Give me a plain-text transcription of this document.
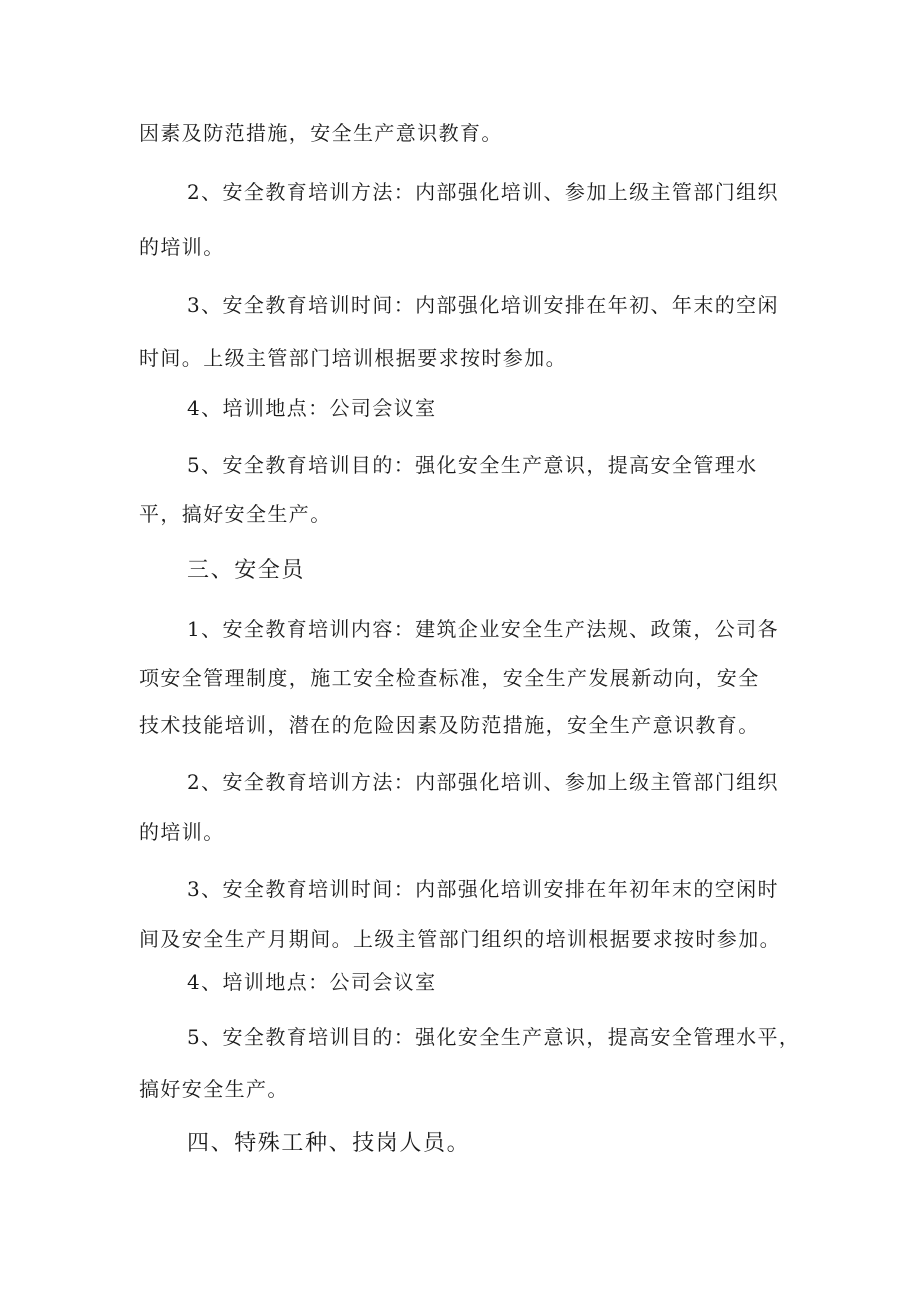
因素及防范措施，安全生产意识教育。
2、安全教育培训方法：内部强化培训、参加上级主管部门组织
的培训。
3、安全教育培训时间：内部强化培训安排在年初、年末的空闲
时间。上级主管部门培训根据要求按时参加。
4、培训地点：公司会议室
5、安全教育培训目的：强化安全生产意识，提高安全管理水
平，搞好安全生产。
三、安全员
1、安全教育培训内容：建筑企业安全生产法规、政策，公司各
项安全管理制度，施工安全检查标准，安全生产发展新动向，安全
技术技能培训，潜在的危险因素及防范措施，安全生产意识教育。
2、安全教育培训方法：内部强化培训、参加上级主管部门组织
的培训。
3、安全教育培训时间：内部强化培训安排在年初年末的空闲时
间及安全生产月期间。上级主管部门组织的培训根据要求按时参加。
4、培训地点：公司会议室
5、安全教育培训目的：强化安全生产意识，提高安全管理水平，
搞好安全生产。
四、特殊工种、技岗人员。
